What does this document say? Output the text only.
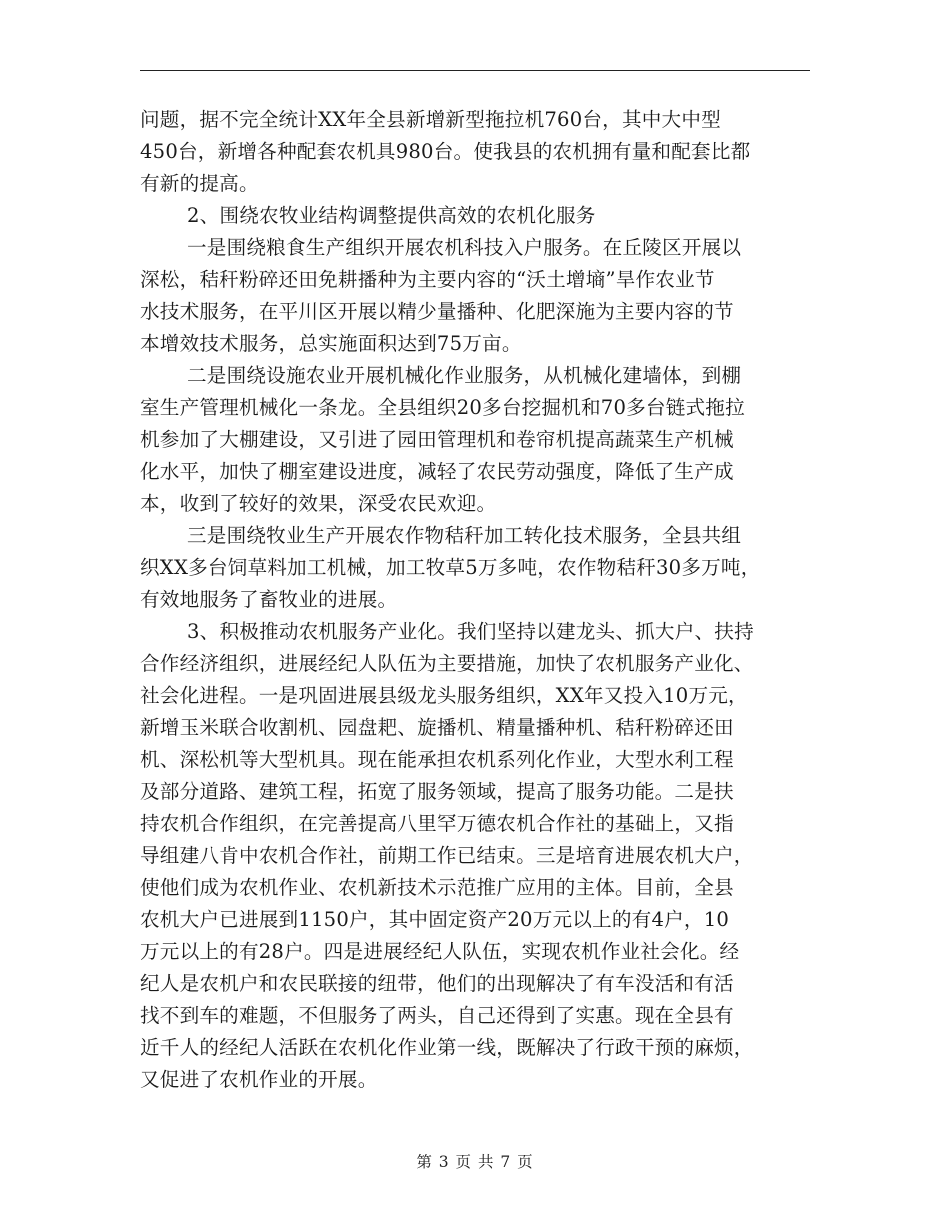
问题，据不完全统计XX年全县新增新型拖拉机760台，其中大中型
450台，新增各种配套农机具980台。使我县的农机拥有量和配套比都
有新的提高。
2、围绕农牧业结构调整提供高效的农机化服务
一是围绕粮食生产组织开展农机科技入户服务。在丘陵区开展以
深松，秸秆粉碎还田免耕播种为主要内容的“沃土增墒”旱作农业节
水技术服务，在平川区开展以精少量播种、化肥深施为主要内容的节
本增效技术服务，总实施面积达到75万亩。
二是围绕设施农业开展机械化作业服务，从机械化建墙体，到棚
室生产管理机械化一条龙。全县组织20多台挖掘机和70多台链式拖拉
机参加了大棚建设，又引进了园田管理机和卷帘机提高蔬菜生产机械
化水平，加快了棚室建设进度，减轻了农民劳动强度，降低了生产成
本，收到了较好的效果，深受农民欢迎。
三是围绕牧业生产开展农作物秸秆加工转化技术服务，全县共组
织XX多台饲草料加工机械，加工牧草5万多吨，农作物秸秆30多万吨，
有效地服务了畜牧业的进展。
3、积极推动农机服务产业化。我们坚持以建龙头、抓大户、扶持
合作经济组织，进展经纪人队伍为主要措施，加快了农机服务产业化、
社会化进程。一是巩固进展县级龙头服务组织，XX年又投入10万元，
新增玉米联合收割机、园盘耙、旋播机、精量播种机、秸秆粉碎还田
机、深松机等大型机具。现在能承担农机系列化作业，大型水利工程
及部分道路、建筑工程，拓宽了服务领域，提高了服务功能。二是扶
持农机合作组织，在完善提高八里罕万德农机合作社的基础上，又指
导组建八肯中农机合作社，前期工作已结束。三是培育进展农机大户，
使他们成为农机作业、农机新技术示范推广应用的主体。目前，全县
农机大户已进展到1150户，其中固定资产20万元以上的有4户，10
万元以上的有28户。四是进展经纪人队伍，实现农机作业社会化。经
纪人是农机户和农民联接的纽带，他们的出现解决了有车没活和有活
找不到车的难题，不但服务了两头，自己还得到了实惠。现在全县有
近千人的经纪人活跃在农机化作业第一线，既解决了行政干预的麻烦，
又促进了农机作业的开展。
第 3 页 共 7 页
